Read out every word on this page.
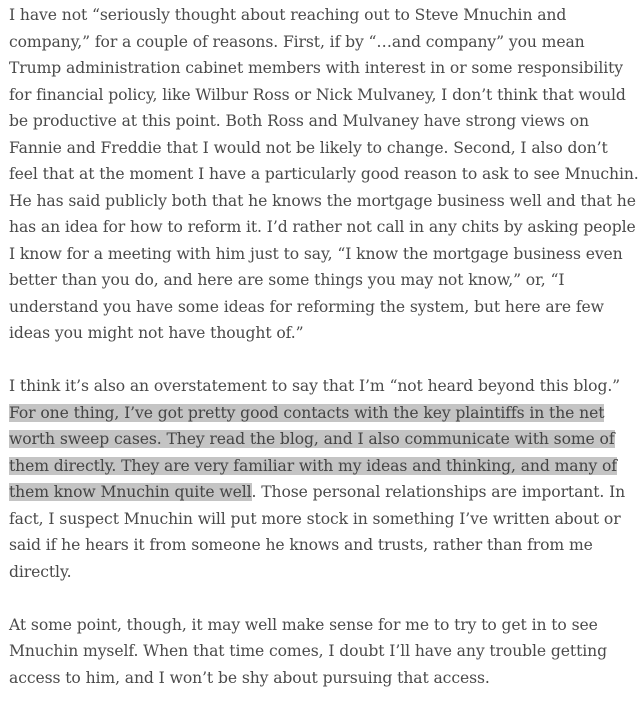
I have not “seriously thought about reaching out to Steve Mnuchin and company,” for a couple of reasons. First, if by “…and company” you mean Trump administration cabinet members with interest in or some responsibility for financial policy, like Wilbur Ross or Nick Mulvaney, I don’t think that would be productive at this point. Both Ross and Mulvaney have strong views on Fannie and Freddie that I would not be likely to change. Second, I also don’t feel that at the moment I have a particularly good reason to ask to see Mnuchin. He has said publicly both that he knows the mortgage business well and that he has an idea for how to reform it. I’d rather not call in any chits by asking people I know for a meeting with him just to say, “I know the mortgage business even better than you do, and here are some things you may not know,” or, “I understand you have some ideas for reforming the system, but here are few ideas you might not have thought of.”

I think it’s also an overstatement to say that I’m “not heard beyond this blog.” For one thing, I’ve got pretty good contacts with the key plaintiffs in the net worth sweep cases. They read the blog, and I also communicate with some of them directly. They are very familiar with my ideas and thinking, and many of them know Mnuchin quite well. Those personal relationships are important. In fact, I suspect Mnuchin will put more stock in something I’ve written about or said if he hears it from someone he knows and trusts, rather than from me directly.

At some point, though, it may well make sense for me to try to get in to see Mnuchin myself. When that time comes, I doubt I’ll have any trouble getting access to him, and I won’t be shy about pursuing that access.
